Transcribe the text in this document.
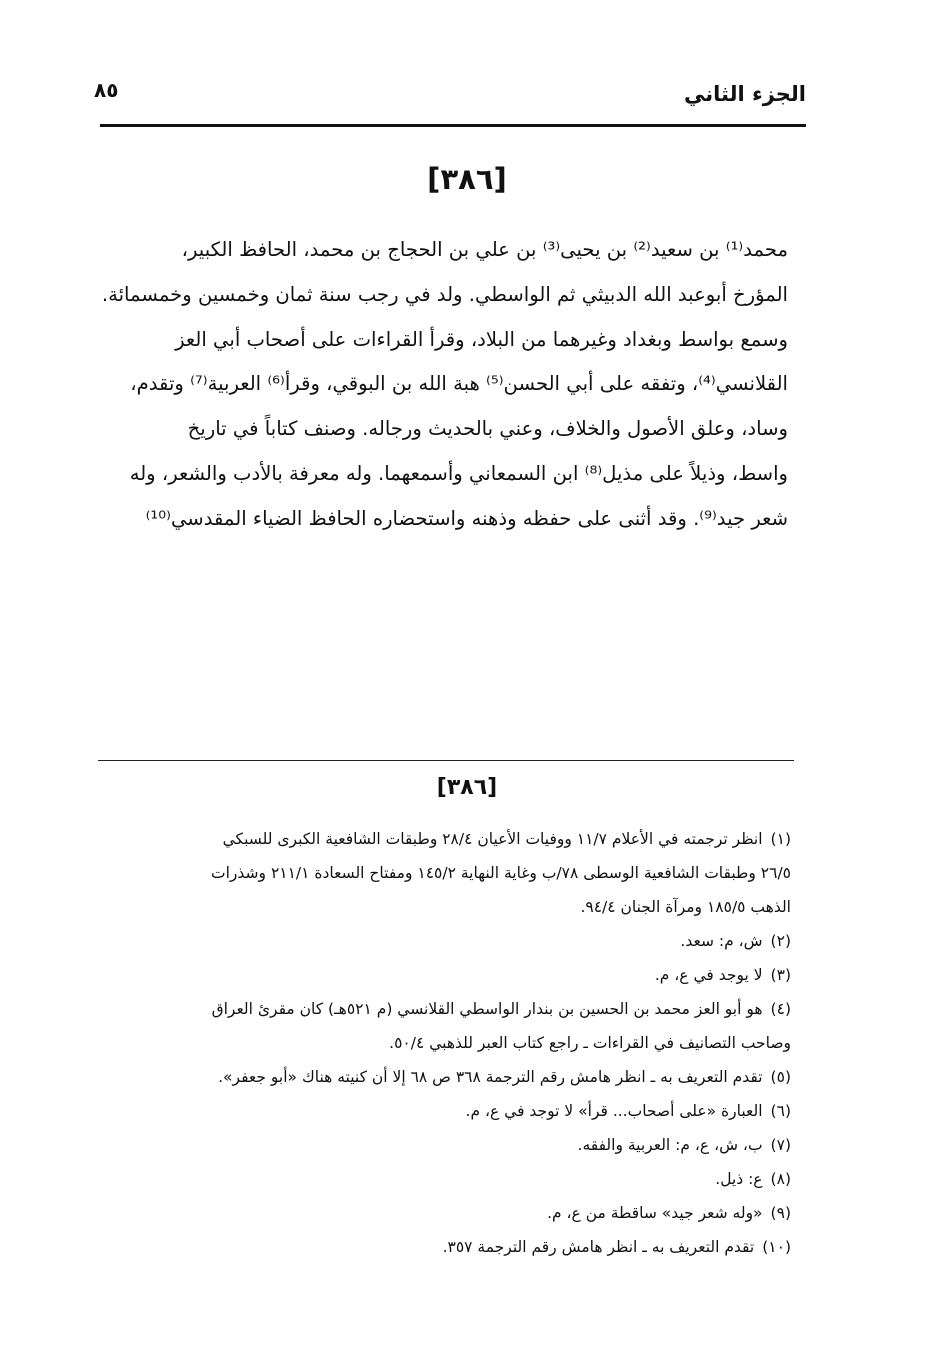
الجزء الثاني
٨٥
[٣٨٦]
محمد⁽¹⁾ بن سعيد⁽²⁾ بن يحيى⁽³⁾ بن علي بن الحجاج بن محمد، الحافظ الكبير،
المؤرخ أبوعبد الله الدبيثي ثم الواسطي. ولد في رجب سنة ثمان وخمسين وخمسمائة.
وسمع بواسط وبغداد وغيرهما من البلاد، وقرأ القراءات على أصحاب أبي العز
القلانسي⁽⁴⁾، وتفقه على أبي الحسن⁽⁵⁾ هبة الله بن البوقي، وقرأ⁽⁶⁾ العربية⁽⁷⁾ وتقدم،
وساد، وعلق الأصول والخلاف، وعني بالحديث ورجاله. وصنف كتاباً في تاريخ
واسط، وذيلاً على مذيل⁽⁸⁾ ابن السمعاني وأسمعهما. وله معرفة بالأدب والشعر، وله
شعر جيد⁽⁹⁾. وقد أثنى على حفظه وذهنه واستحضاره الحافظ الضياء المقدسي⁽¹⁰⁾
[٣٨٦]
(١)انظر ترجمته في الأعلام ١١/٧ ووفيات الأعيان ٢٨/٤ وطبقات الشافعية الكبرى للسبكي
٢٦/٥ وطبقات الشافعية الوسطى ٧٨/ب وغاية النهاية ١٤٥/٢ ومفتاح السعادة ٢١١/١ وشذرات
الذهب ١٨٥/٥ ومرآة الجنان ٩٤/٤.
(٢)ش، م: سعد.
(٣)لا يوجد في ع، م.
(٤)هو أبو العز محمد بن الحسين بن بندار الواسطي القلانسي (م ٥٢١هـ) كان مقرئ العراق
وصاحب التصانيف في القراءات ـ راجع كتاب العبر للذهبي ٥٠/٤.
(٥)تقدم التعريف به ـ انظر هامش رقم الترجمة ٣٦٨ ص ٦٨ إلا أن كنيته هناك «أبو جعفر».
(٦)العبارة «على أصحاب... قرأ» لا توجد في ع، م.
(٧)ب، ش، ع، م: العربية والفقه.
(٨)ع: ذيل.
(٩)«وله شعر جيد» ساقطة من ع، م.
(١٠)تقدم التعريف به ـ انظر هامش رقم الترجمة ٣٥٧.
